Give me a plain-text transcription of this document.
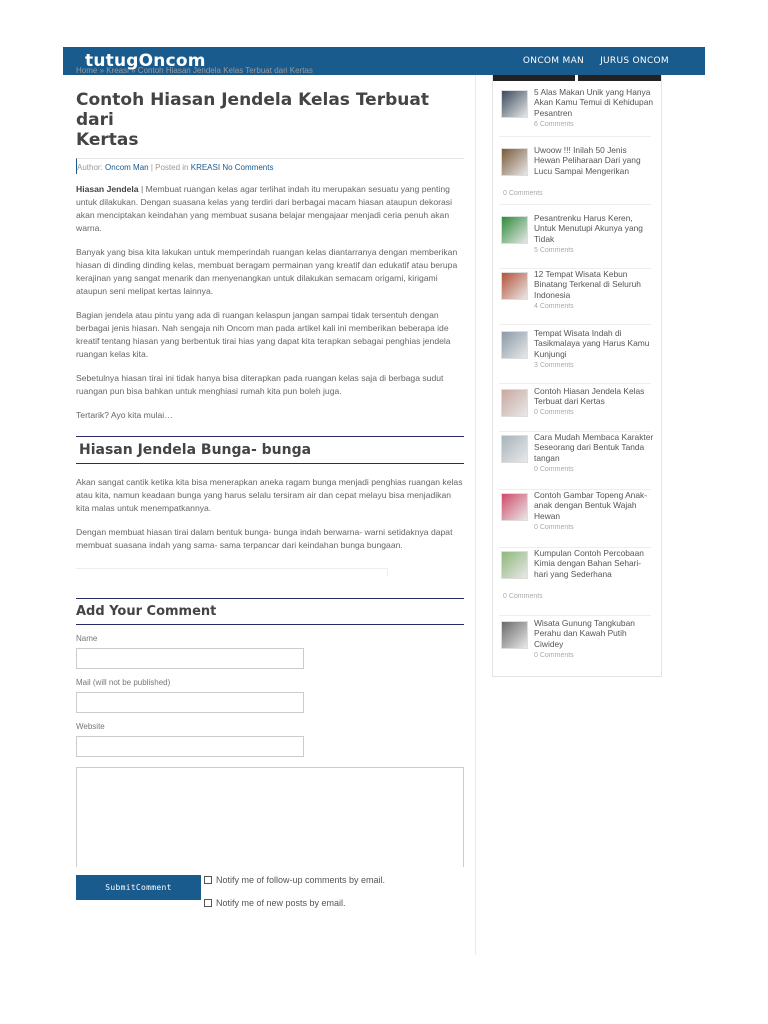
tutugOncom	ONCOM MAN JURUS ONCOM
Home » Kreasi » Contoh Hiasan Jendela Kelas Terbuat dari Kertas
Contoh Hiasan Jendela Kelas Terbuat dari
Kertas
Author: Oncom Man | Posted in KREASI No Comments

Hiasan Jendela | Membuat ruangan kelas agar terlihat indah itu merupakan sesuatu yang penting untuk dilakukan. Dengan suasana kelas yang terdiri dari berbagai macam hiasan ataupun dekorasi akan menciptakan keindahan yang membuat susana belajar mengajaar menjadi ceria penuh akan warna.

Banyak yang bisa kita lakukan untuk memperindah ruangan kelas diantarranya dengan memberikan hiasan di dinding dinding kelas, membuat beragam permainan yang kreatif dan edukatif atau berupa kerajinan yang sangat menarik dan menyenangkan untuk dilakukan semacam origami, kirigami ataupun seni melipat kertas lainnya.

Bagian jendela atau pintu yang ada di ruangan kelaspun jangan sampai tidak tersentuh dengan berbagai jenis hiasan. Nah sengaja nih Oncom man pada artikel kali ini memberikan beberapa ide kreatif tentang hiasan yang berbentuk tirai hias yang dapat kita terapkan sebagai penghias jendela ruangan kelas kita.

Sebetulnya hiasan tirai ini tidak hanya bisa diterapkan pada ruangan kelas saja di berbaga sudut ruangan pun bisa bahkan untuk menghiasi rumah kita pun boleh juga.

Tertarik? Ayo kita mulai…

Hiasan Jendela Bunga- bunga

Akan sangat cantik ketika kita bisa menerapkan aneka ragam bunga menjadi penghias ruangan kelas atau kita, namun keadaan bunga yang harus selalu tersiram air dan cepat melayu bisa menjadikan kita malas untuk menempatkannya.

Dengan membuat hiasan tirai dalam bentuk bunga- bunga indah berwarna- warni setidaknya dapat membuat suasana indah yang sama- sama terpancar dari keindahan bunga bungaan.

Add Your Comment
Name
Mail (will not be published)
Website
SubmitComment
Notify me of follow-up comments by email.
Notify me of new posts by email.
5 Alas Makan Unik yang Hanya Akan Kamu Temui di Kehidupan Pesantren
6 Comments
Uwoow !!! Inilah 50 Jenis Hewan Peliharaan Dari yang Lucu Sampai Mengerikan
0 Comments
Pesantrenku Harus Keren, Untuk Menutupi Akunya yang Tidak
5 Comments
12 Tempat Wisata Kebun Binatang Terkenal di Seluruh Indonesia
4 Comments
Tempat Wisata Indah di Tasikmalaya yang Harus Kamu Kunjungi
3 Comments
Contoh Hiasan Jendela Kelas Terbuat dari Kertas
0 Comments
Cara Mudah Membaca Karakter Seseorang dari Bentuk Tanda tangan
0 Comments
Contoh Gambar Topeng Anak- anak dengan Bentuk Wajah Hewan
0 Comments
Kumpulan Contoh Percobaan Kimia dengan Bahan Sehari- hari yang Sederhana
0 Comments
Wisata Gunung Tangkuban Perahu dan Kawah Putih Ciwidey
0 Comments
